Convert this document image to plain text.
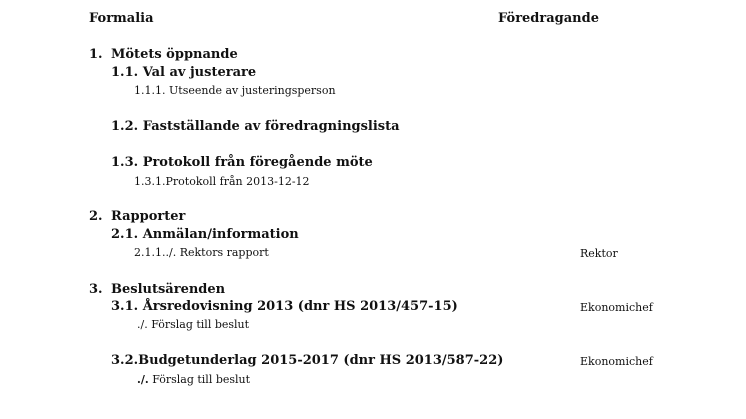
Formalia	Föredragande
1. Mötets öppnande
1.1. Val av justerare
1.1.1. Utseende av justeringsperson
1.2. Fastställande av föredragningslista
1.3. Protokoll från föregående möte
1.3.1.Protokoll från 2013-12-12
2. Rapporter
2.1. Anmälan/information
2.1.1../. Rektors rapport	Rektor
3. Beslutsärenden
3.1. Årsredovisning 2013 (dnr HS 2013/457-15)	Ekonomichef
./. Förslag till beslut
3.2.Budgetunderlag 2015-2017 (dnr HS 2013/587-22)	Ekonomichef
./. Förslag till beslut
